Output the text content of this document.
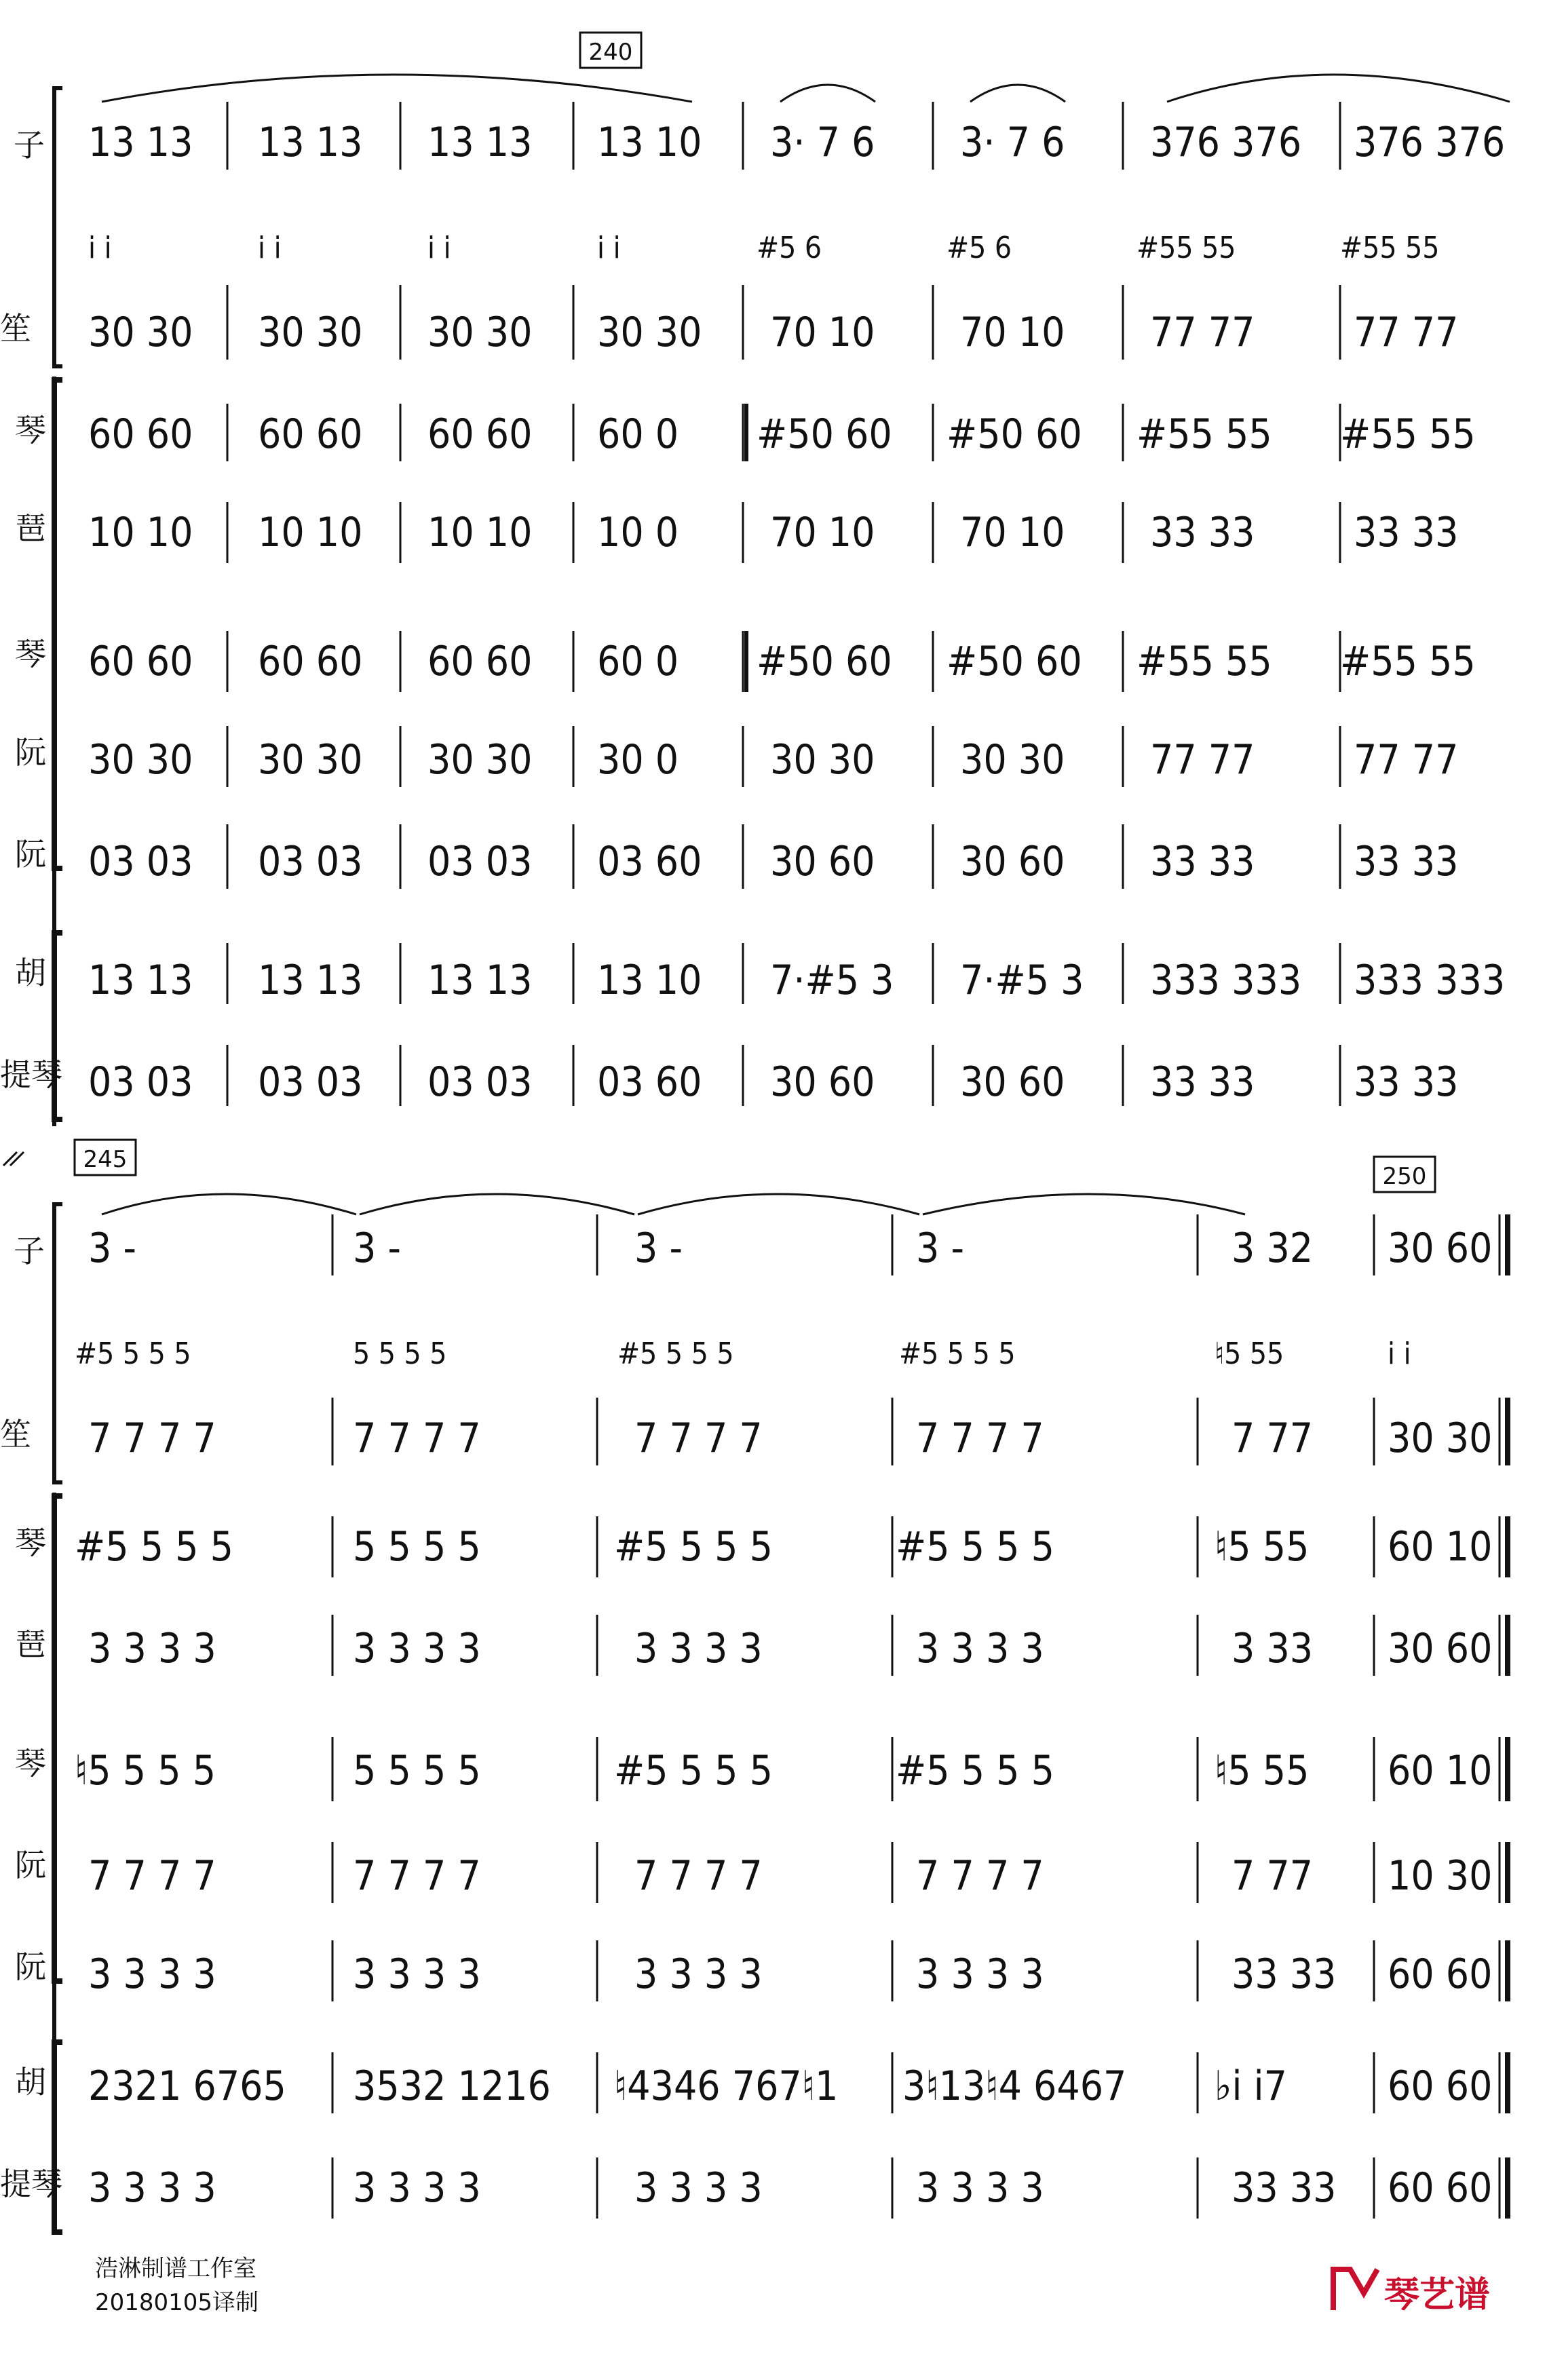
子
笙
琴
琶
琴
阮
阮
胡
提琴
240
13 13 13 13 13 13 13 10 3· 7 6 3· 7 6 376 376 376 376
i i	i i	i i	i i	#5 6	#5 6	#55 55	#55 55
30 30 30 30 30 30 30 30 70 10 70 10 77 77 77 77
60 60 60 60 60 60 60 0 #50 60 #50 60 #55 55 #55 55
10 10 10 10 10 10 10 0 70 10 70 10 33 33 33 33
60 60 60 60 60 60 60 0 #50 60 #50 60 #55 55 #55 55
30 30 30 30 30 30 30 0 30 30 30 30 77 77 77 77
03 03 03 03 03 03 03 60 30 60 30 60 33 33 33 33
13 13 13 13 13 13 13 10 7·#5 3 7·#5 3 333 333 333 333
03 03 03 03 03 03 03 60 30 60 30 60 33 33 33 33
子
笙
琴
琶
琴
阮
阮
胡
提琴
245
250
3 -	3 -	3 -	3 -	3 32 30 60
#5 5 5 5	5 5 5 5	#5 5 5 5	#5 5 5 5	♮5 55	i i
7 7 7 7	7 7 7 7	7 7 7 7	7 7 7 7	7 77 30 30
#5 5 5 5	5 5 5 5	#5 5 5 5	#5 5 5 5	♮5 55 60 10
3 3 3 3	3 3 3 3	3 3 3 3	3 3 3 3	3 33 30 60
♮5 5 5 5	5 5 5 5	#5 5 5 5	#5 5 5 5	♮5 55 60 10
7 7 7 7	7 7 7 7	7 7 7 7	7 7 7 7	7 77 10 30
3 3 3 3	3 3 3 3	3 3 3 3	3 3 3 3	33 33 60 60
2321 6765 3532 1216 ♮4346 767♮1 3♮13♮4 6467 ♭i i7 60 60
3 3 3 3	3 3 3 3	3 3 3 3	3 3 3 3	33 33 60 60
浩淋制谱工作室
20180105译制	琴艺谱
